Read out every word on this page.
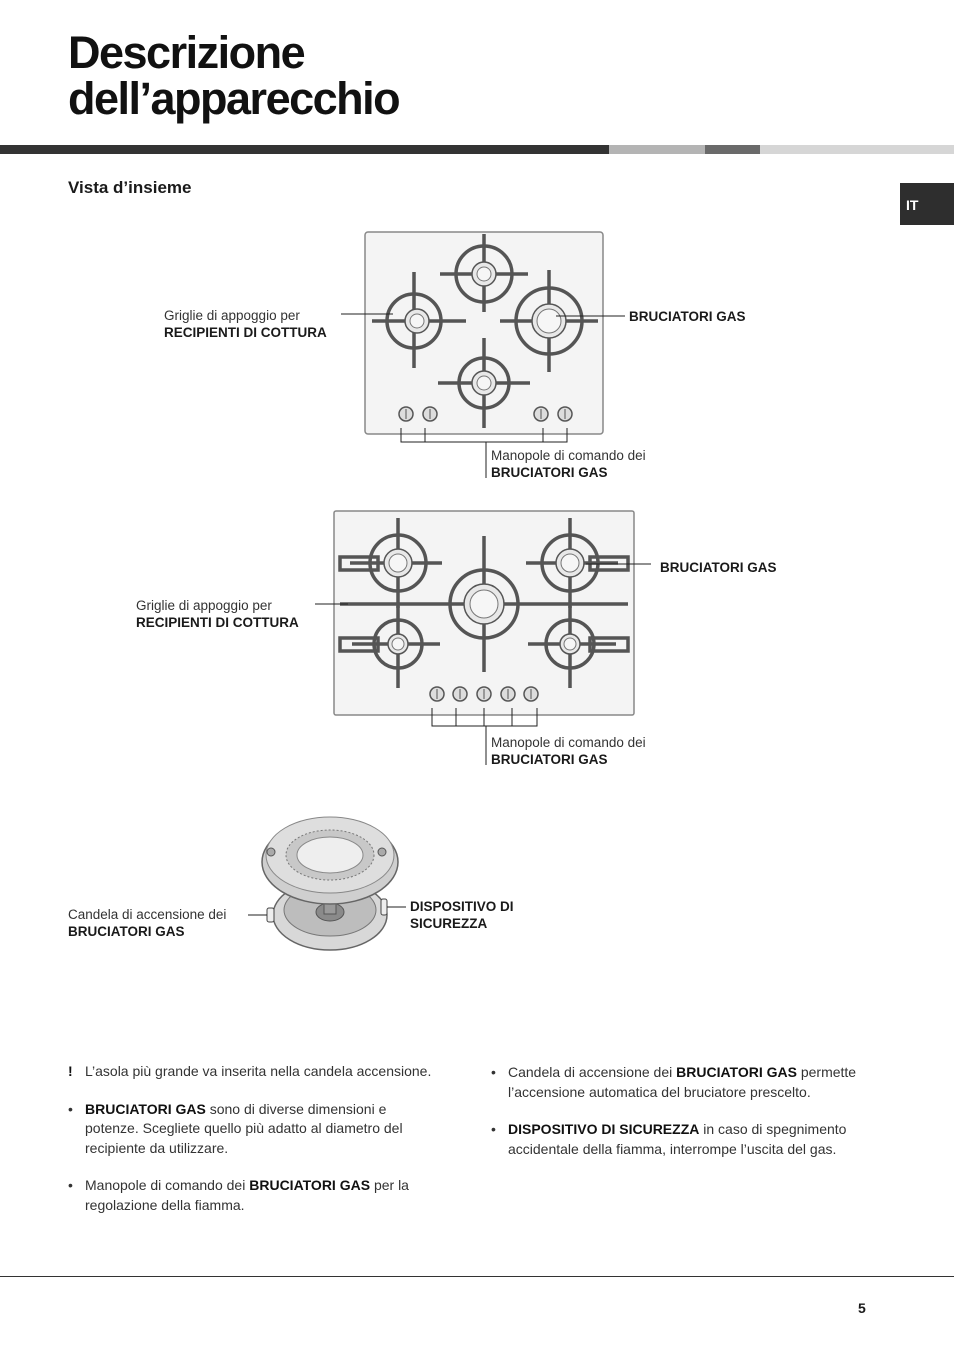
Descrizione
dell’apparecchio
Vista d’insieme
IT
Griglie di appoggio per
RECIPIENTI DI COTTURA
BRUCIATORI GAS
Manopole di comando dei
BRUCIATORI GAS
Griglie di appoggio per
RECIPIENTI DI COTTURA
BRUCIATORI GAS
Manopole di comando dei
BRUCIATORI GAS
Candela di accensione dei
BRUCIATORI GAS
DISPOSITIVO DI
SICUREZZA

! L’asola più grande va inserita nella candela accensione.

• BRUCIATORI GAS sono di diverse dimensioni e potenze. Scegliete quello più adatto al diametro del recipiente da utilizzare.

• Manopole di comando dei BRUCIATORI GAS per la regolazione della fiamma.

• Candela di accensione dei BRUCIATORI GAS permette l’accensione automatica del bruciatore prescelto.

• DISPOSITIVO DI SICUREZZA in caso di spegnimento accidentale della fiamma, interrompe l’uscita del gas.

5
